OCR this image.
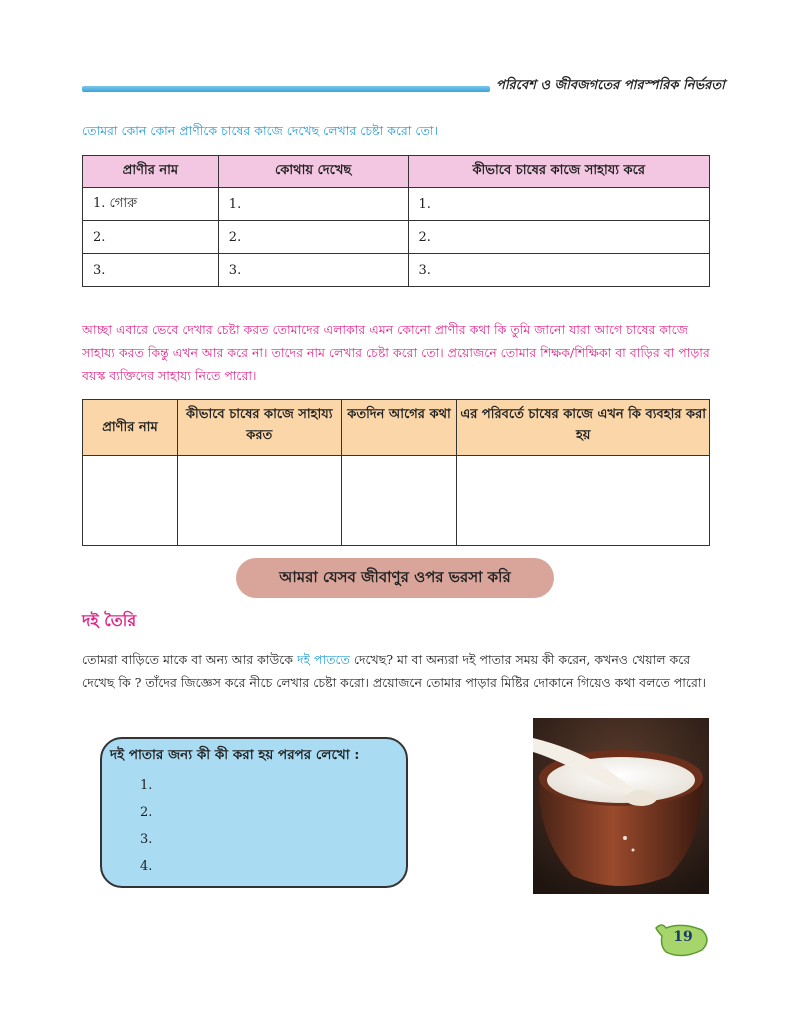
পরিবেশ ও জীবজগতের পারস্পরিক নির্ভরতা
তোমরা কোন কোন প্রাণীকে চাষের কাজে দেখেছ লেখার চেষ্টা করো তো।
প্রাণীর নাম	কোথায় দেখেছ	কীভাবে চাষের কাজে সাহায্য করে
1. গোরু	1.	1.
2.	2.	2.
3.	3.	3.
আচ্ছা এবারে ভেবে দেখার চেষ্টা করত তোমাদের এলাকার এমন কোনো প্রাণীর কথা কি তুমি জানো যারা আগে চাষের কাজে সাহায্য করত কিন্তু এখন আর করে না। তাদের নাম লেখার চেষ্টা করো তো। প্রয়োজনে তোমার শিক্ষক/শিক্ষিকা বা বাড়ির বা পাড়ার বয়স্ক ব্যক্তিদের সাহায্য নিতে পারো।
প্রাণীর নাম	কীভাবে চাষের কাজে সাহায্য করত	কতদিন আগের কথা	এর পরিবর্তে চাষের কাজে এখন কি ব্যবহার করা হয়

আমরা যেসব জীবাণুর ওপর ভরসা করি
দই তৈরি
তোমরা বাড়িতে মাকে বা অন্য আর কাউকে দই পাততে দেখেছ? মা বা অন্যরা দই পাতার সময় কী করেন, কখনও খেয়াল করে দেখেছ কি ? তাঁদের জিজ্ঞেস করে নীচে লেখার চেষ্টা করো। প্রয়োজনে তোমার পাড়ার মিষ্টির দোকানে গিয়েও কথা বলতে পারো।
দই পাতার জন্য কী কী করা হয় পরপর লেখো :
1.
2.
3.
4.
19
